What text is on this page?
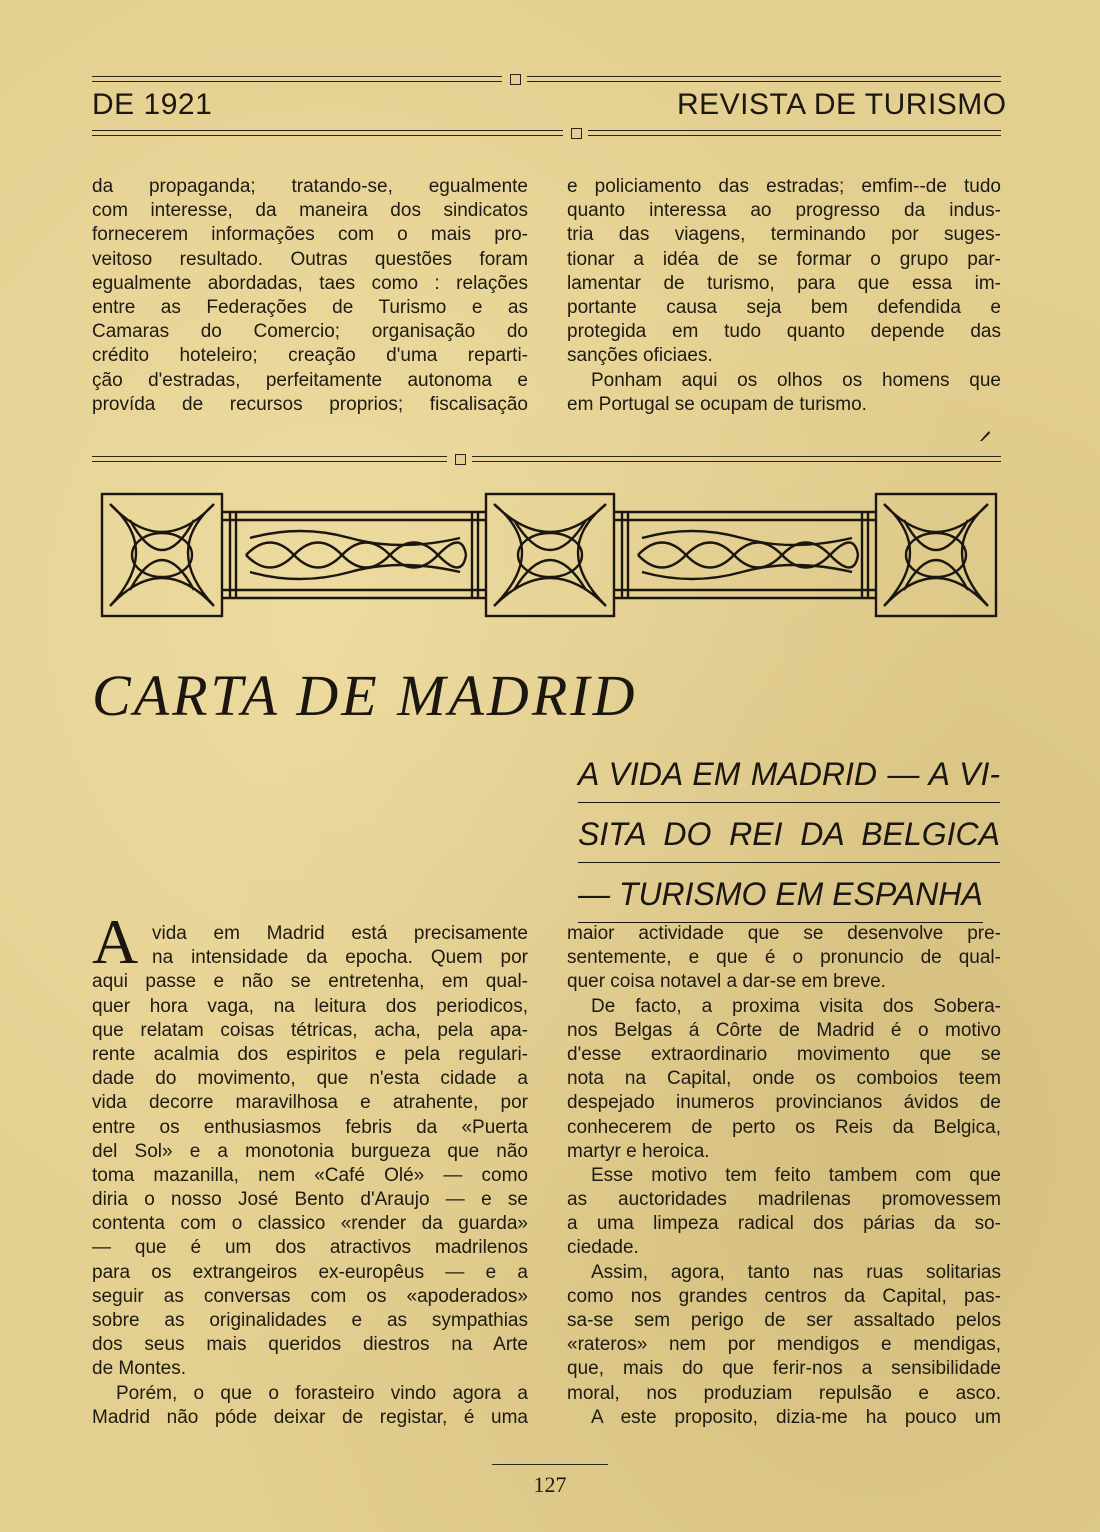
DE 1921	REVISTA DE TURISMO
da propaganda; tratando-se, egualmente
com interesse, da maneira dos sindicatos
fornecerem informações com o mais pro-
veitoso resultado. Outras questões foram
egualmente abordadas, taes como : relações
entre as Federações de Turismo e as
Camaras do Comercio; organisação do
crédito hoteleiro; creação d'uma reparti-
ção d'estradas, perfeitamente autonoma e
provída de recursos proprios; fiscalisação
e policiamento das estradas; emfim--de tudo
quanto interessa ao progresso da indus-
tria das viagens, terminando por suges-
tionar a idéa de se formar o grupo par-
lamentar de turismo, para que essa im-
portante causa seja bem defendida e
protegida em tudo quanto depende das
sanções oficiaes.
Ponham aqui os olhos os homens que
em Portugal se ocupam de turismo.
CARTA DE MADRID
A VIDA EM MADRID — A VI-
SITA DO REI DA BELGICA
— TURISMO EM ESPANHA
A vida em Madrid está precisamente
na intensidade da epocha. Quem por
aqui passe e não se entretenha, em qual-
quer hora vaga, na leitura dos periodicos,
que relatam coisas tétricas, acha, pela apa-
rente acalmia dos espiritos e pela regulari-
dade do movimento, que n'esta cidade a
vida decorre maravilhosa e atrahente, por
entre os enthusiasmos febris da «Puerta
del Sol» e a monotonia burgueza que não
toma mazanilla, nem «Café Olé» — como
diria o nosso José Bento d'Araujo — e se
contenta com o classico «render da guarda»
— que é um dos atractivos madrilenos
para os extrangeiros ex-europêus — e a
seguir as conversas com os «apoderados»
sobre as originalidades e as sympathias
dos seus mais queridos diestros na Arte
de Montes.
Porém, o que o forasteiro vindo agora a
Madrid não póde deixar de registar, é uma
maior actividade que se desenvolve pre-
sentemente, e que é o pronuncio de qual-
quer coisa notavel a dar-se em breve.
De facto, a proxima visita dos Sobera-
nos Belgas á Côrte de Madrid é o motivo
d'esse extraordinario movimento que se
nota na Capital, onde os comboios teem
despejado inumeros provincianos ávidos de
conhecerem de perto os Reis da Belgica,
martyr e heroica.
Esse motivo tem feito tambem com que
as auctoridades madrilenas promovessem
a uma limpeza radical dos párias da so-
ciedade.
Assim, agora, tanto nas ruas solitarias
como nos grandes centros da Capital, pas-
sa-se sem perigo de ser assaltado pelos
«rateros» nem por mendigos e mendigas,
que, mais do que ferir-nos a sensibilidade
moral, nos produziam repulsão e asco.
A este proposito, dizia-me ha pouco um
127
